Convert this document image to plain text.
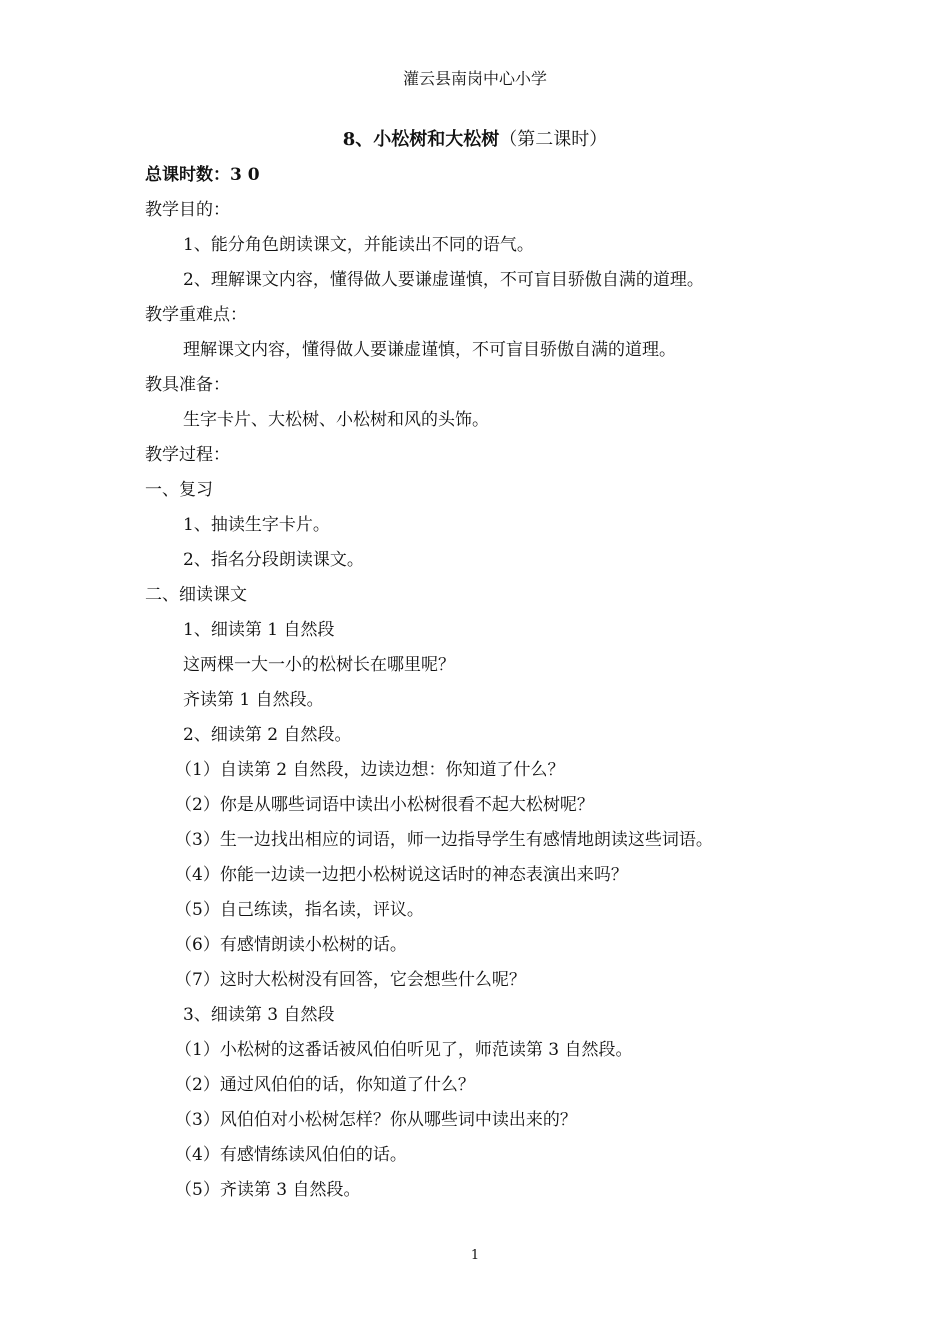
灌云县南岗中心小学
8、小松树和大松树（第二课时）
总课时数：3 0
教学目的：
1、能分角色朗读课文，并能读出不同的语气。
2、理解课文内容，懂得做人要谦虚谨慎，不可盲目骄傲自满的道理。
教学重难点：
理解课文内容，懂得做人要谦虚谨慎，不可盲目骄傲自满的道理。
教具准备：
生字卡片、大松树、小松树和风的头饰。
教学过程：
一、复习
1、抽读生字卡片。
2、指名分段朗读课文。
二、细读课文
1、细读第 1 自然段
这两棵一大一小的松树长在哪里呢？
齐读第 1 自然段。
2、细读第 2 自然段。
（1）自读第 2 自然段，边读边想：你知道了什么？
（2）你是从哪些词语中读出小松树很看不起大松树呢？
（3）生一边找出相应的词语，师一边指导学生有感情地朗读这些词语。
（4）你能一边读一边把小松树说这话时的神态表演出来吗？
（5）自己练读，指名读，评议。
（6）有感情朗读小松树的话。
（7）这时大松树没有回答，它会想些什么呢？
3、细读第 3 自然段
（1）小松树的这番话被风伯伯听见了，师范读第 3 自然段。
（2）通过风伯伯的话，你知道了什么？
（3）风伯伯对小松树怎样？你从哪些词中读出来的？
（4）有感情练读风伯伯的话。
（5）齐读第 3 自然段。
1
